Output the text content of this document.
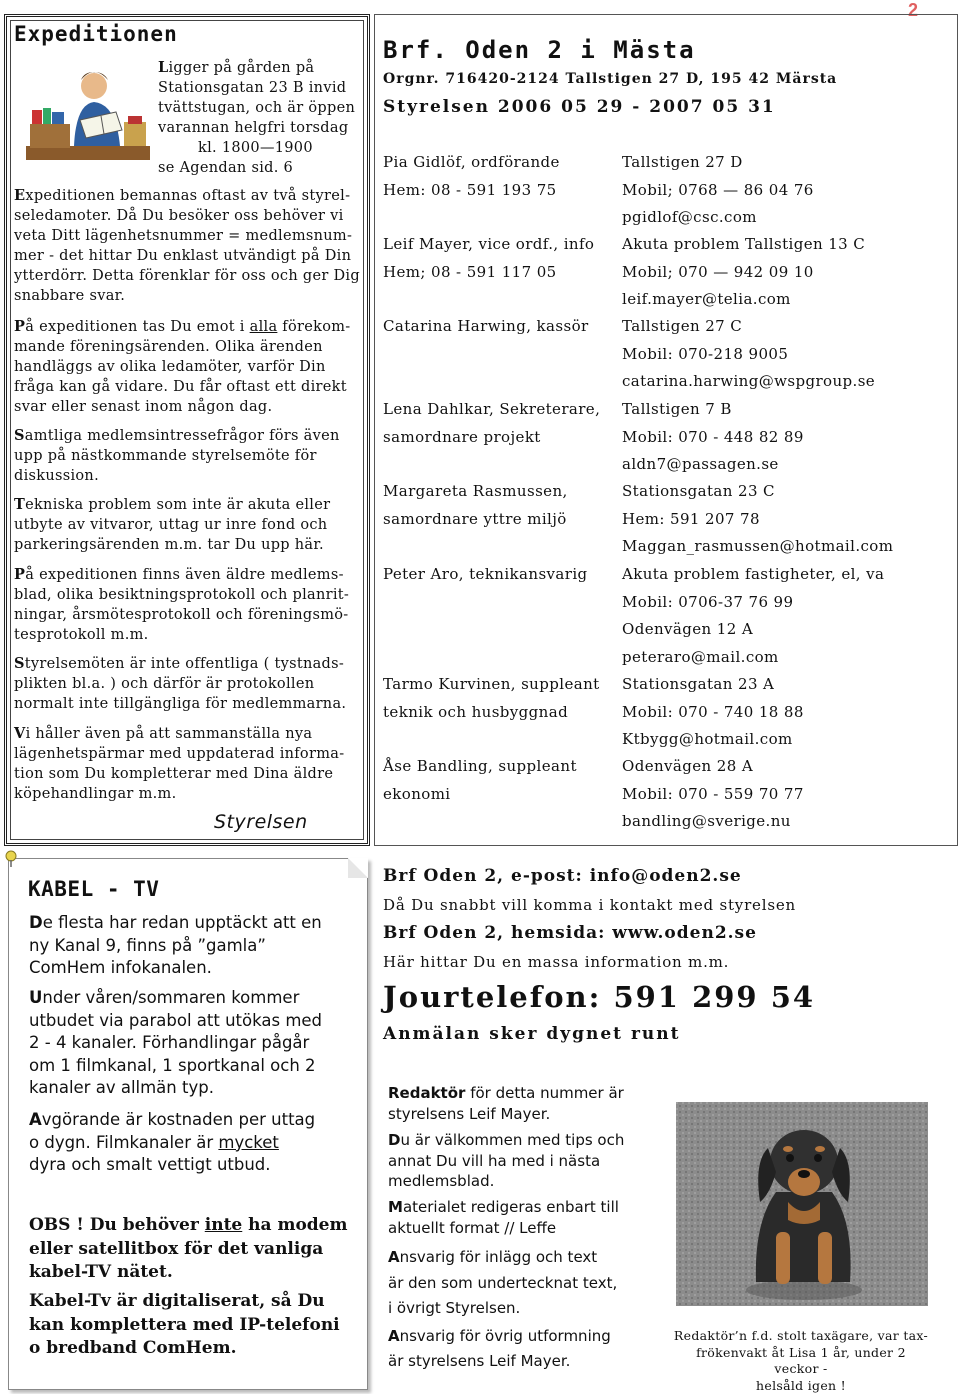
2
Expeditionen
Ligger på gården på
Stationsgatan 23 B invid
tvättstugan, och är öppen
varannan helgfri torsdag
kl. 1800—1900
se Agendan sid. 6
Expeditionen bemannas oftast av två styrel-
seledamoter. Då Du besöker oss behöver vi
veta Ditt lägenhetsnummer = medlemsnum-
mer - det hittar Du enklast utvändigt på Din
ytterdörr. Detta förenklar för oss och ger Dig
snabbare svar.
På expeditionen tas Du emot i alla förekom-
mande föreningsärenden. Olika ärenden
handläggs av olika ledamöter, varför Din
fråga kan gå vidare. Du får oftast ett direkt
svar eller senast inom någon dag.
Samtliga medlemsintressefrågor förs även
upp på nästkommande styrelsemöte för
diskussion.
Tekniska problem som inte är akuta eller
utbyte av vitvaror, uttag ur inre fond och
parkeringsärenden m.m. tar Du upp här.
På expeditionen finns även äldre medlems-
blad, olika besiktningsprotokoll och planrit-
ningar, årsmötesprotokoll och föreningsmö-
tesprotokoll m.m.
Styrelsemöten är inte offentliga ( tystnads-
plikten bl.a. ) och därför är protokollen
normalt inte tillgängliga för medlemmarna.
Vi håller även på att sammanställa nya
lägenhetspärmar med uppdaterad informa-
tion som Du kompletterar med Dina äldre
köpehandlingar m.m.
Styrelsen
Brf. Oden 2 i Mästa
Orgnr. 716420-2124 Tallstigen 27 D, 195 42 Märsta
Styrelsen 2006 05 29 - 2007 05 31
Pia Gidlöf, ordförande
Hem: 08 - 591 193 75
Tallstigen 27 D
Mobil; 0768 — 86 04 76
pgidlof@csc.com
Leif Mayer, vice ordf., info
Hem; 08 - 591 117 05
Akuta problem Tallstigen 13 C
Mobil; 070 — 942 09 10
leif.mayer@telia.com
Catarina Harwing, kassör	Tallstigen 27 C
Mobil: 070-218 9005
catarina.harwing@wspgroup.se
Lena Dahlkar, Sekreterare,
samordnare projekt
Tallstigen 7 B
Mobil: 070 - 448 82 89
aldn7@passagen.se
Margareta Rasmussen,
samordnare yttre miljö
Stationsgatan 23 C
Hem: 591 207 78
Maggan_rasmussen@hotmail.com
Peter Aro, teknikansvarig	Akuta problem fastigheter, el, va
Mobil: 0706-37 76 99
Odenvägen 12 A
peteraro@mail.com
Tarmo Kurvinen, suppleant
teknik och husbyggnad
Stationsgatan 23 A
Mobil: 070 - 740 18 88
Ktbygg@hotmail.com
Åse Bandling, suppleant
ekonomi
Odenvägen 28 A
Mobil: 070 - 559 70 77
bandling@sverige.nu
KABEL - TV
De flesta har redan upptäckt att en
ny Kanal 9, finns på ”gamla”
ComHem infokanalen.
Under våren/sommaren kommer
utbudet via parabol att utökas med
2 - 4 kanaler. Förhandlingar pågår
om 1 filmkanal, 1 sportkanal och 2
kanaler av allmän typ.
Avgörande är kostnaden per uttag
o dygn. Filmkanaler är mycket
dyra och smalt vettigt utbud.
OBS ! Du behöver inte ha modem
eller satellitbox för det vanliga
kabel-TV nätet.
Kabel-Tv är digitaliserat, så Du
kan komplettera med IP-telefoni
o bredband ComHem.
Brf Oden 2, e-post: info@oden2.se
Då Du snabbt vill komma i kontakt med styrelsen
Brf Oden 2, hemsida: www.oden2.se
Här hittar Du en massa information m.m.
Jourtelefon: 591 299 54
Anmälan sker dygnet runt
Redaktör för detta nummer är
styrelsens Leif Mayer.
Du är välkommen med tips och
annat Du vill ha med i nästa
medlemsblad.
Materialet redigeras enbart till
aktuellt format // Leffe
Ansvarig för inlägg och text
är den som undertecknat text,
i övrigt Styrelsen.
Ansvarig för övrig utformning
är styrelsens Leif Mayer.
Redaktör’n f.d. stolt taxägare, var tax-
frökenvakt åt Lisa 1 år, under 2 veckor -
helsåld igen !
